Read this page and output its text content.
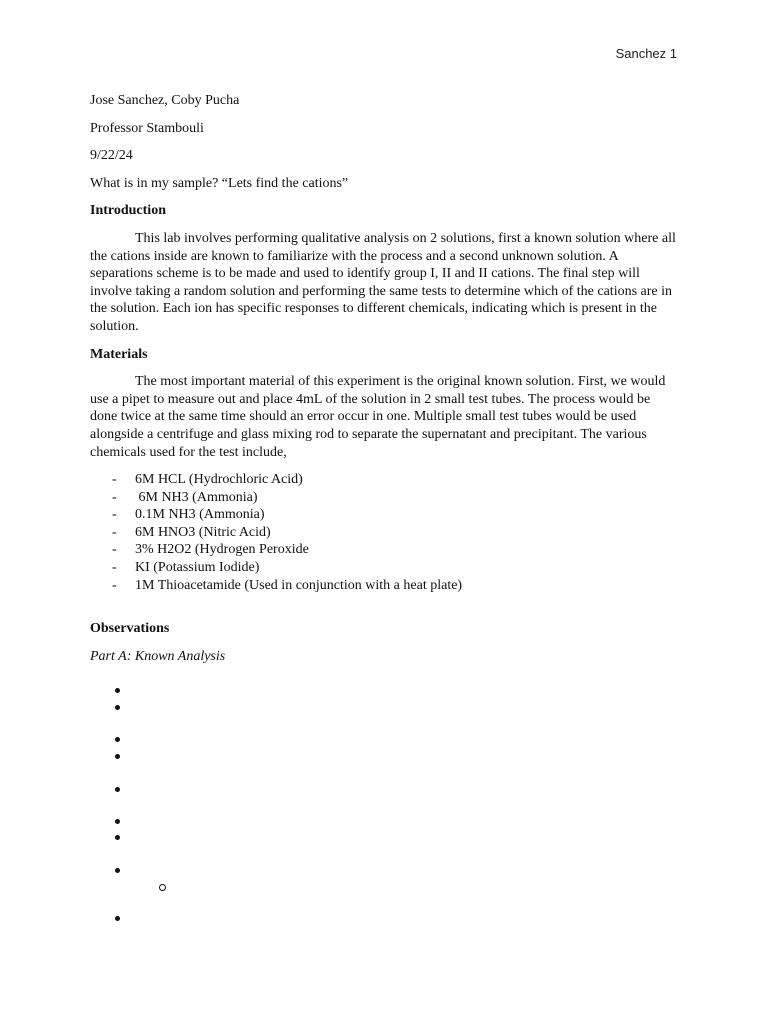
Sanchez 1
Jose Sanchez, Coby Pucha
Professor Stambouli
9/22/24
What is in my sample? “Lets find the cations”
Introduction
This lab involves performing qualitative analysis on 2 solutions, first a known solution where all the cations inside are known to familiarize with the process and a second unknown solution. A separations scheme is to be made and used to identify group I, II and II cations. The final step will involve taking a random solution and performing the same tests to determine which of the cations are in the solution. Each ion has specific responses to different chemicals, indicating which is present in the solution.
Materials
The most important material of this experiment is the original known solution. First, we would use a pipet to measure out and place 4mL of the solution in 2 small test tubes. The process would be done twice at the same time should an error occur in one. Multiple small test tubes would be used alongside a centrifuge and glass mixing rod to separate the supernatant and precipitant. The various chemicals used for the test include,
- 6M HCL (Hydrochloric Acid)
- 6M NH3 (Ammonia)
- 0.1M NH3 (Ammonia)
- 6M HNO3 (Nitric Acid)
- 3% H2O2 (Hydrogen Peroxide
- KI (Potassium Iodide)
- 1M Thioacetamide (Used in conjunction with a heat plate)
Observations
Part A: Known Analysis
